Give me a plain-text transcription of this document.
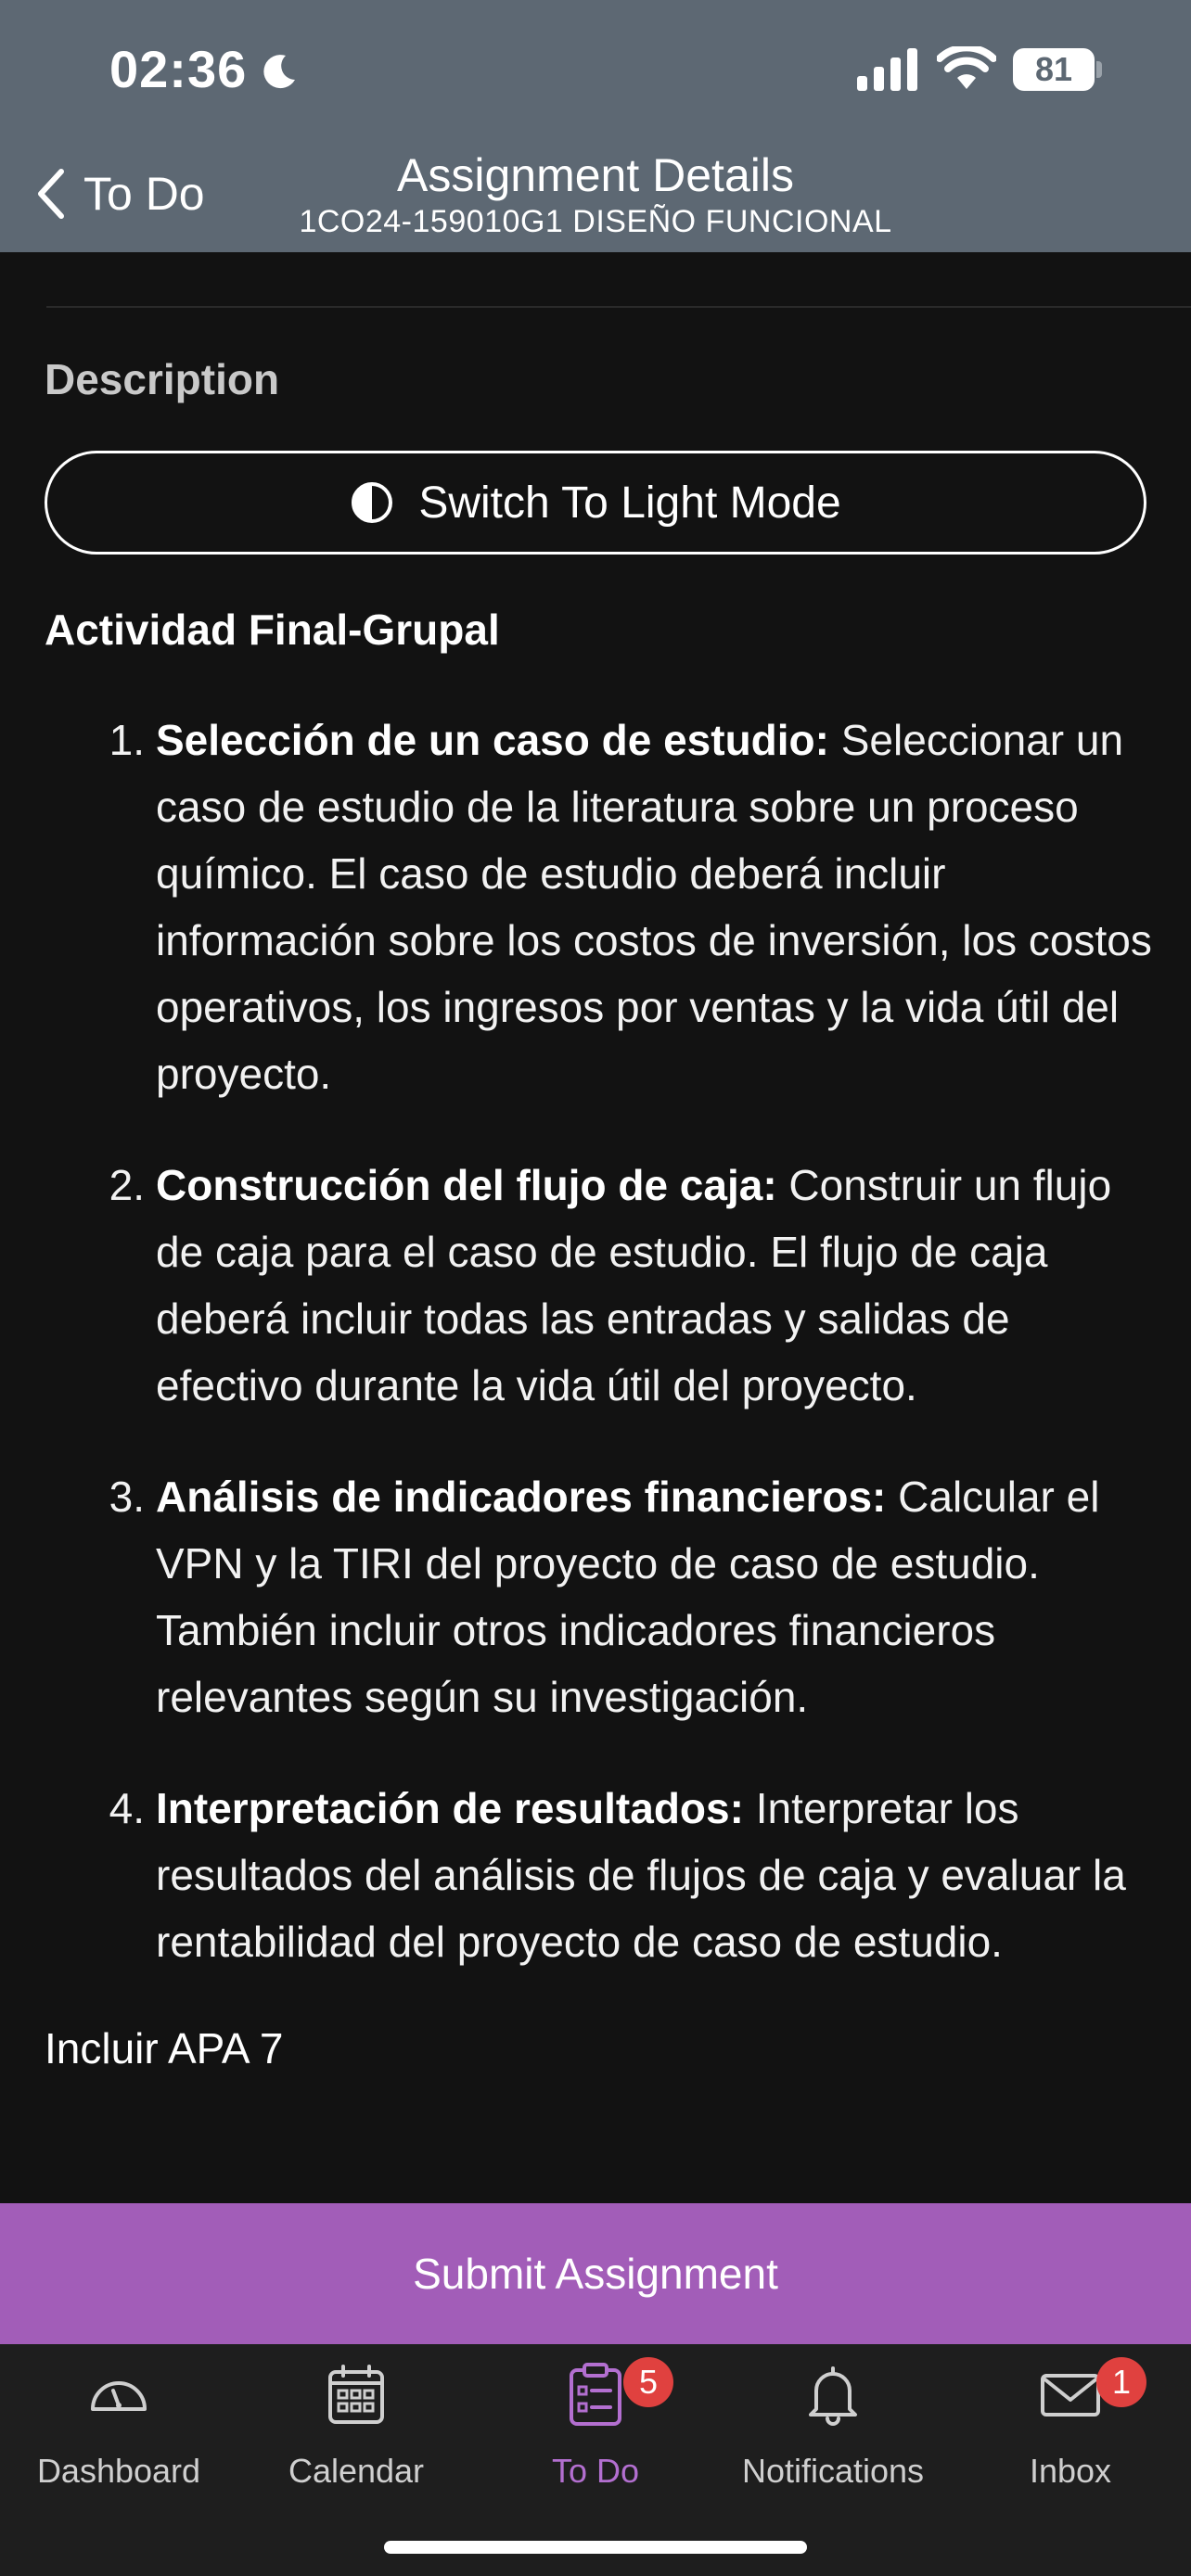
02:36	81
To Do	Assignment Details
1CO24-159010G1 DISEÑO FUNCIONAL
Description
Switch To Light Mode
Actividad Final-Grupal
1. Selección de un caso de estudio: Seleccionar un caso de estudio de la literatura sobre un proceso químico. El caso de estudio deberá incluir información sobre los costos de inversión, los costos operativos, los ingresos por ventas y la vida útil del proyecto.
2. Construcción del flujo de caja: Construir un flujo de caja para el caso de estudio. El flujo de caja deberá incluir todas las entradas y salidas de efectivo durante la vida útil del proyecto.
3. Análisis de indicadores financieros: Calcular el VPN y la TIRI del proyecto de caso de estudio. También incluir otros indicadores financieros relevantes según su investigación.
4. Interpretación de resultados: Interpretar los resultados del análisis de flujos de caja y evaluar la rentabilidad del proyecto de caso de estudio.
Incluir APA 7
Submit Assignment
Dashboard	Calendar
5
To Do	Notifications
1
Inbox
